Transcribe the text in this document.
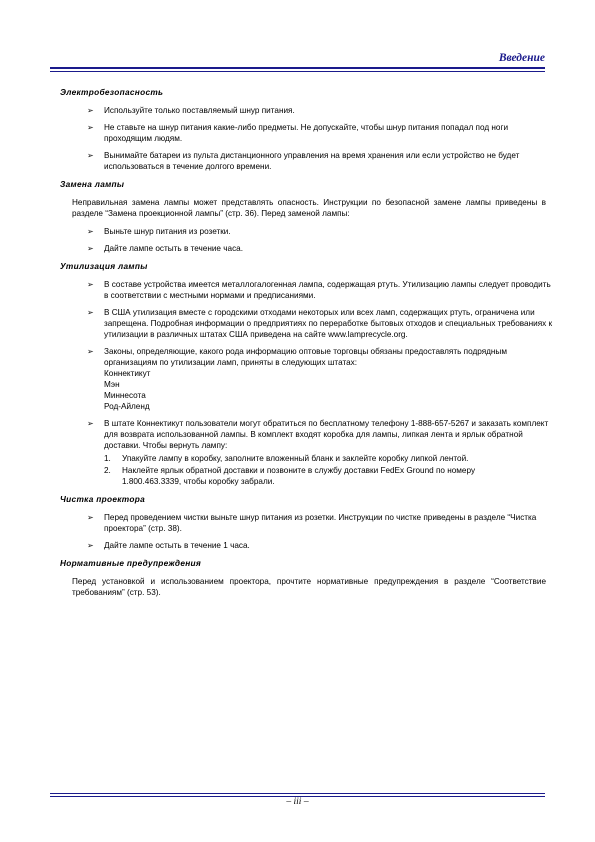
Введение
Электробезопасность
➢ Используйте только поставляемый шнур питания.
➢ Не ставьте на шнур питания какие-либо предметы. Не допускайте, чтобы шнур питания попадал под ноги проходящим людям.
➢ Вынимайте батареи из пульта дистанционного управления на время хранения или если устройство не будет использоваться в течение долгого времени.
Замена лампы

Неправильная замена лампы может представлять опасность. Инструкции по безопасной замене лампы приведены в разделе “Замена проекционной лампы” (стр. 36). Перед заменой лампы:

➢ Выньте шнур питания из розетки.
➢ Дайте лампе остыть в течение часа.
Утилизация лампы
➢ В составе устройства имеется металлогалогенная лампа, содержащая ртуть. Утилизацию лампы следует проводить в соответствии с местными нормами и предписаниями.
➢ В США утилизация вместе с городскими отходами некоторых или всех ламп, содержащих ртуть, ограничена или запрещена. Подробная информации о предприятиях по переработке бытовых отходов и специальных требованиях к утилизации в различных штатах США приведена на сайте www.lamprecycle.org.
➢ Законы, определяющие, какого рода информацию оптовые торговцы обязаны предоставлять подрядным организациям по утилизации ламп, приняты в следующих штатах:
Коннектикут
Мэн
Миннесота
Род-Айленд
➢ В штате Коннектикут пользователи могут обратиться по бесплатному телефону 1-888-657-5267 и заказать комплект для возврата использованной лампы. В комплект входят коробка для лампы, липкая лента и ярлык обратной доставки. Чтобы вернуть лампу:
1. Упакуйте лампу в коробку, заполните вложенный бланк и заклейте коробку липкой лентой.
2. Наклейте ярлык обратной доставки и позвоните в службу доставки FedEx Ground по номеру 1.800.463.3339, чтобы коробку забрали.
Чистка проектора
➢ Перед проведением чистки выньте шнур питания из розетки. Инструкции по чистке приведены в разделе “Чистка проектора” (стр. 38).
➢ Дайте лампе остыть в течение 1 часа.
Нормативные предупреждения

Перед установкой и использованием проектора, прочтите нормативные предупреждения в разделе “Соответствие требованиям” (стр. 53).

– iii –
